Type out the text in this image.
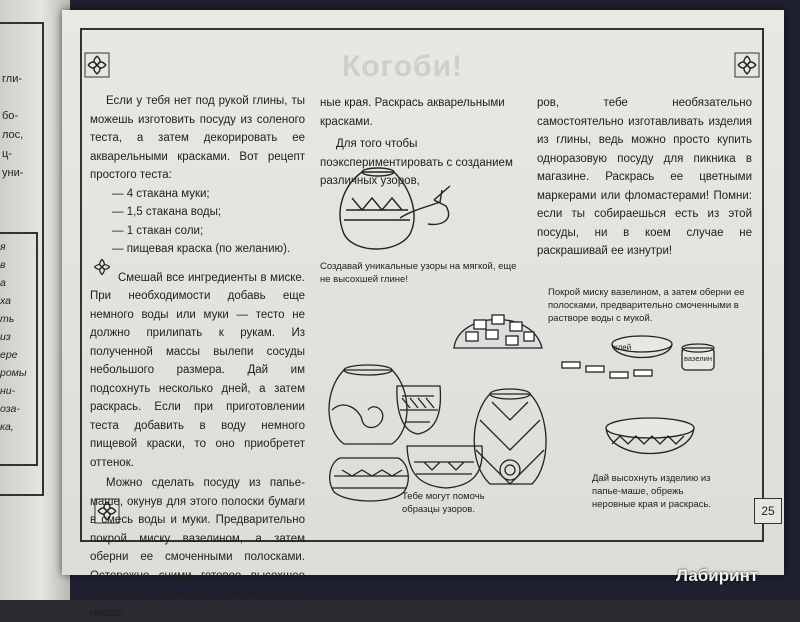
гли-
бо-
лос,
ц-
уни-
я
в
а
ха
ть
из
ере
ромы
ни-
оза-
ка,
Когоби!
Если у тебя нет под рукой глины, ты можешь изготовить посуду из соленого теста, а затем декорировать ее акварельными красками. Вот рецепт простого теста:
— 4 стакана муки;
— 1,5 стакана воды;
— 1 стакан соли;
— пищевая краска (по желанию).
Смешай все ингредиенты в миске. При необходимости добавь еще немного воды или муки — тесто не должно прилипать к рукам. Из полученной массы вылепи сосуды небольшого размера. Дай им подсохнуть несколько дней, а затем раскрась. Если при приготовлении теста добавить в воду немного пищевой краски, то оно приобретет оттенок.
Можно сделать посуду из папье-маше, окунув для этого полоски бумаги в смесь воды и муки. Предварительно покрой миску вазелином, а затем оберни ее смоченными полосками. Осторожно сними готовое высохшее изделие и с помощью ножниц обрежь неров-
ные края. Раскрась акварельными красками.
Для того чтобы поэкспериментировать с созданием различных узоров,
ров, тебе необязательно самостоятельно изготавливать изделия из глины, ведь можно просто купить одноразовую посуду для пикника в магазине. Раскрась ее цветными маркерами или фломастерами! Помни: если ты собираешься есть из этой посуды, ни в коем случае не раскрашивай ее изнутри!
Создавай уникальные узоры на мягкой, еще не высохшей глине!
Покрой миску вазелином, а затем оберни ее полосками, предварительно смоченными в растворе воды с мукой.
клей
вазелин
Тебе могут помочь образцы узоров.
Дай высохнуть изделию из папье-маше, обрежь неровные края и раскрась.	25
Лабиринт
